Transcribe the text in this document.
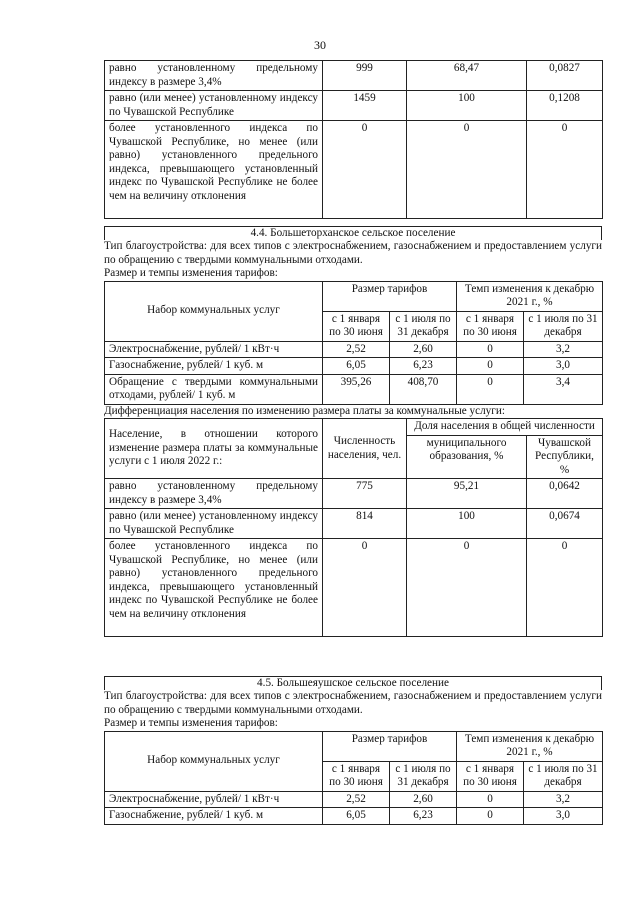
30
равно установленному предельному индексу в размере 3,4%	999	68,47	0,0827
равно (или менее) установленному индексу по Чувашской Республике	1459	100	0,1208
более установленного индекса по Чувашской Республике, но менее (или равно) установленного предельного индекса, превышающего установленный индекс по Чувашской Республике не более чем на величину отклонения	0	0	0
4.4. Большеторханское сельское поселение
Тип благоустройства: для всех типов с электроснабжением, газоснабжением и предоставлением услуги по обращению с твердыми коммунальными отходами.
Размер и темпы изменения тарифов:
Набор коммунальных услуг	Размер тарифов		Темп изменения к декабрю 2021 г., %	
	с 1 января по 30 июня	с 1 июля по 31 декабря	с 1 января по 30 июня	с 1 июля по 31 декабря
Электроснабжение, рублей/ 1 кВт·ч	2,52	2,60	0	3,2
Газоснабжение, рублей/ 1 куб. м	6,05	6,23	0	3,0
Обращение с твердыми коммунальными отходами, рублей/ 1 куб. м	395,26	408,70	0	3,4
Дифференциация населения по изменению размера платы за коммунальные услуги:
Население, в отношении которого изменение размера платы за коммунальные услуги с 1 июля 2022 г.:	Численность населения, чел.	Доля населения в общей численности	
		муниципального образования, %	Чувашской Республики, %
равно установленному предельному индексу в размере 3,4%	775	95,21	0,0642
равно (или менее) установленному индексу по Чувашской Республике	814	100	0,0674
более установленного индекса по Чувашской Республике, но менее (или равно) установленного предельного индекса, превышающего установленный индекс по Чувашской Республике не более чем на величину отклонения	0	0	0
4.5. Большеяушское сельское поселение
Тип благоустройства: для всех типов с электроснабжением, газоснабжением и предоставлением услуги по обращению с твердыми коммунальными отходами.
Размер и темпы изменения тарифов:
Набор коммунальных услуг	Размер тарифов		Темп изменения к декабрю 2021 г., %	
	с 1 января по 30 июня	с 1 июля по 31 декабря	с 1 января по 30 июня	с 1 июля по 31 декабря
Электроснабжение, рублей/ 1 кВт·ч	2,52	2,60	0	3,2
Газоснабжение, рублей/ 1 куб. м	6,05	6,23	0	3,0
